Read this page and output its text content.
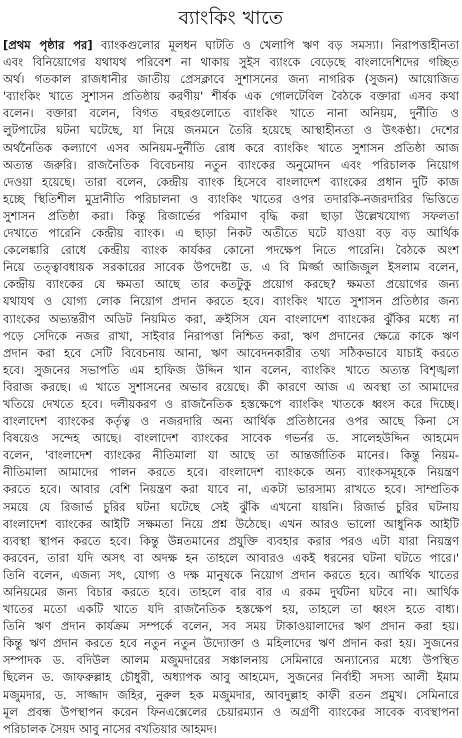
ব্যাংকিং খাতে
[প্রথম পৃষ্ঠার পর] ব্যাংকগুলোর মূলধন ঘাটতি ও খেলাপি ঋণ বড় সমস্যা। নিরাপত্তাহীনতা
এবং বিনিয়োগের যথাযথ পরিবেশ না থাকায় সুইস ব্যাংকে বেড়েছে বাংলাদেশিদের গচ্ছিত
অর্থ। গতকাল রাজধানীর জাতীয় প্রেসক্লাবে সুশাসনের জন্য নাগরিক (সুজন) আয়োজিত
'ব্যাংকিং খাতে সুশাসন প্রতিষ্ঠায় করণীয়' শীর্ষক এক গোলটেবিল বৈঠকে বক্তারা এসব কথা
বলেন। বক্তারা বলেন, বিগত বছরগুলোতে ব্যাংকিং খাতে নানা অনিয়ম, দুর্নীতি ও
লুটপাটের ঘটনা ঘটেছে, যা নিয়ে জনমনে তৈরি হয়েছে আস্থাহীনতা ও উৎকণ্ঠা। দেশের
অর্থনৈতিক কল্যাণে এসব অনিয়ম-দুর্নীতি রোধ করে ব্যাংকিং খাতে সুশাসন প্রতিষ্ঠা আজ
অত্যন্ত জরুরি। রাজনৈতিক বিবেচনায় নতুন ব্যাংকের অনুমোদন এবং পরিচালক নিয়োগ
দেওয়া হয়েছে। তারা বলেন, কেন্দ্রীয় ব্যাংক হিসেবে বাংলাদেশ ব্যাংকের প্রধান দুটি কাজ
হচ্ছে স্থিতিশীল মুদ্রানীতি পরিচালনা ও ব্যাংকিং খাতের ওপর তদারকি-নজরদারির ভিত্তিতে
সুশাসন প্রতিষ্ঠা করা। কিন্তু রিজার্ভের পরিমাণ বৃদ্ধি করা ছাড়া উল্লেখযোগ্য সফলতা
দেখাতে পারেনি কেন্দ্রীয় ব্যাংক। এ ছাড়া নিকট অতীতে ঘটে যাওয়া বড় বড় আর্থিক
কেলেঙ্কারি রোধে কেন্দ্রীয় ব্যাংক কার্যকর কোনো পদক্ষেপ নিতে পারেনি। বৈঠকে অংশ
নিয়ে তত্ত্বাবধায়ক সরকারের সাবেক উপদেষ্টা ড. এ বি মির্জ্জা আজিজুল ইসলাম বলেন,
কেন্দ্রীয় ব্যাংকের যে ক্ষমতা আছে তার কতটুকু প্রয়োগ করছে? ক্ষমতা প্রয়োগের জন্য
যথাযথ ও যোগ্য লোক নিয়োগ প্রদান করতে হবে। ব্যাংকিং খাতে সুশাসন প্রতিষ্ঠার জন্য
ব্যাংকের অভ্যন্তরীণ অডিট নিয়মিত করা, ক্রইসিস যেন বাংলাদেশ ব্যাংকের ঝুঁকির মধ্যে না
পড়ে সেদিকে নজর রাখা, সাইবার নিরাপত্তা নিশ্চিত করা, ঋণ প্রদানের ক্ষেত্রে কাকে ঋণ
প্রদান করা হবে সেটি বিবেচনায় আনা, ঋণ আবেদনকারীর তথ্য সঠিকভাবে যাচাই করতে
হবে। সুজনের সভাপতি এম হাফিজ উদ্দিন খান বলেন, ব্যাংকিং খাতে অত্যন্ত বিশৃঙ্খলা
বিরাজ করছে। এ খাতে সুশাসনের অভাব রয়েছে। কী কারণে আজ এ অবস্থা তা আমাদের
খতিয়ে দেখতে হবে। দলীয়করণ ও রাজনৈতিক হস্তক্ষেপে ব্যাংকিং খাতকে ধ্বংস করে দিচ্ছে।
বাংলাদেশ ব্যাংকের কর্তৃত্ব ও নজরদারি অন্য আর্থিক প্রতিষ্ঠানের ওপর আছে কিনা সে
বিষয়েও সন্দেহ আছে। বাংলাদেশ ব্যাংকের সাবেক গভর্নর ড. সালেহউদ্দিন আহমেদ
বলেন, 'বাংলাদেশ ব্যাংকের নীতিমালা যা আছে তা আন্তর্জাতিক মানের। কিন্তু নিয়ম-
নীতিমালা আমাদের পালন করতে হবে। বাংলাদেশ ব্যাংককে অন্য ব্যাংকসমূহকে নিয়ন্ত্রণ
করতে হবে। আবার বেশি নিয়ন্ত্রণ করা যাবে না, একটা ভারসাম্য রাখতে হবে। সাম্প্রতিক
সময়ে যে রিজার্ভ চুরির ঘটনা ঘটেছে সেই ঝুঁকি এখনো যায়নি। রিজার্ভ চুরির ঘটনায়
বাংলাদেশ ব্যাংকের আইটি সক্ষমতা নিয়ে প্রশ্ন উঠেছে। এখন আরও ভালো আধুনিক আইটি
ব্যবস্থা স্থাপন করতে হবে। কিন্তু উন্নতমানের প্রযুক্তি ব্যবহার করার পরও এটা যারা নিয়ন্ত্রণ
করবেন, তারা যদি অসৎ বা অদক্ষ হন তাহলে আবারও একই ধরনের ঘটনা ঘটতে পারে।'
তিনি বলেন, এজন্য সৎ, যোগ্য ও দক্ষ মানুষকে নিয়োগ প্রদান করতে হবে। আর্থিক খাতের
অনিয়মের জন্য বিচার করতে হবে। তাহলে বার বার এ রকম দুর্ঘটনা ঘটবে না। আর্থিক
খাতের মতো একটি খাতে যদি রাজনৈতিক হস্তক্ষেপ হয়, তাহলে তা ধ্বংস হতে বাধ্য।
তিনি ঋণ প্রদান কার্যক্রম সম্পর্কে বলেন, সব সময় টাকাওয়ালাদের ঋণ প্রদান করা হয়।
কিন্তু ঋণ প্রদান করতে হবে নতুন নতুন উদ্যোক্তা ও মহিলাদের ঋণ প্রদান করা হয়। সুজনের
সম্পাদক ড. বদিউল আলম মজুমদারের সঞ্চালনায় সেমিনারে অন্যান্যের মধ্যে উপস্থিত
ছিলেন ড. জাফরুল্লাহ চৌধুরী, অধ্যাপক আবু আহমেদ, সুজনের নির্বাহী সদস্য আলী ইমাম
মজুমদার, ড. সাজ্জাদ জহির, নুরুল হক মজুমদার, আবদুল্লাহ কাফী রতন প্রমুখ। সেমিনারে
মূল প্রবন্ধ উপস্থাপন করেন ফিনএক্সেলের চেয়ারম্যান ও অগ্রণী ব্যাংকের সাবেক ব্যবস্থাপনা
পরিচালক সৈয়দ আবু নাসের বখতিয়ার আহমদ।
